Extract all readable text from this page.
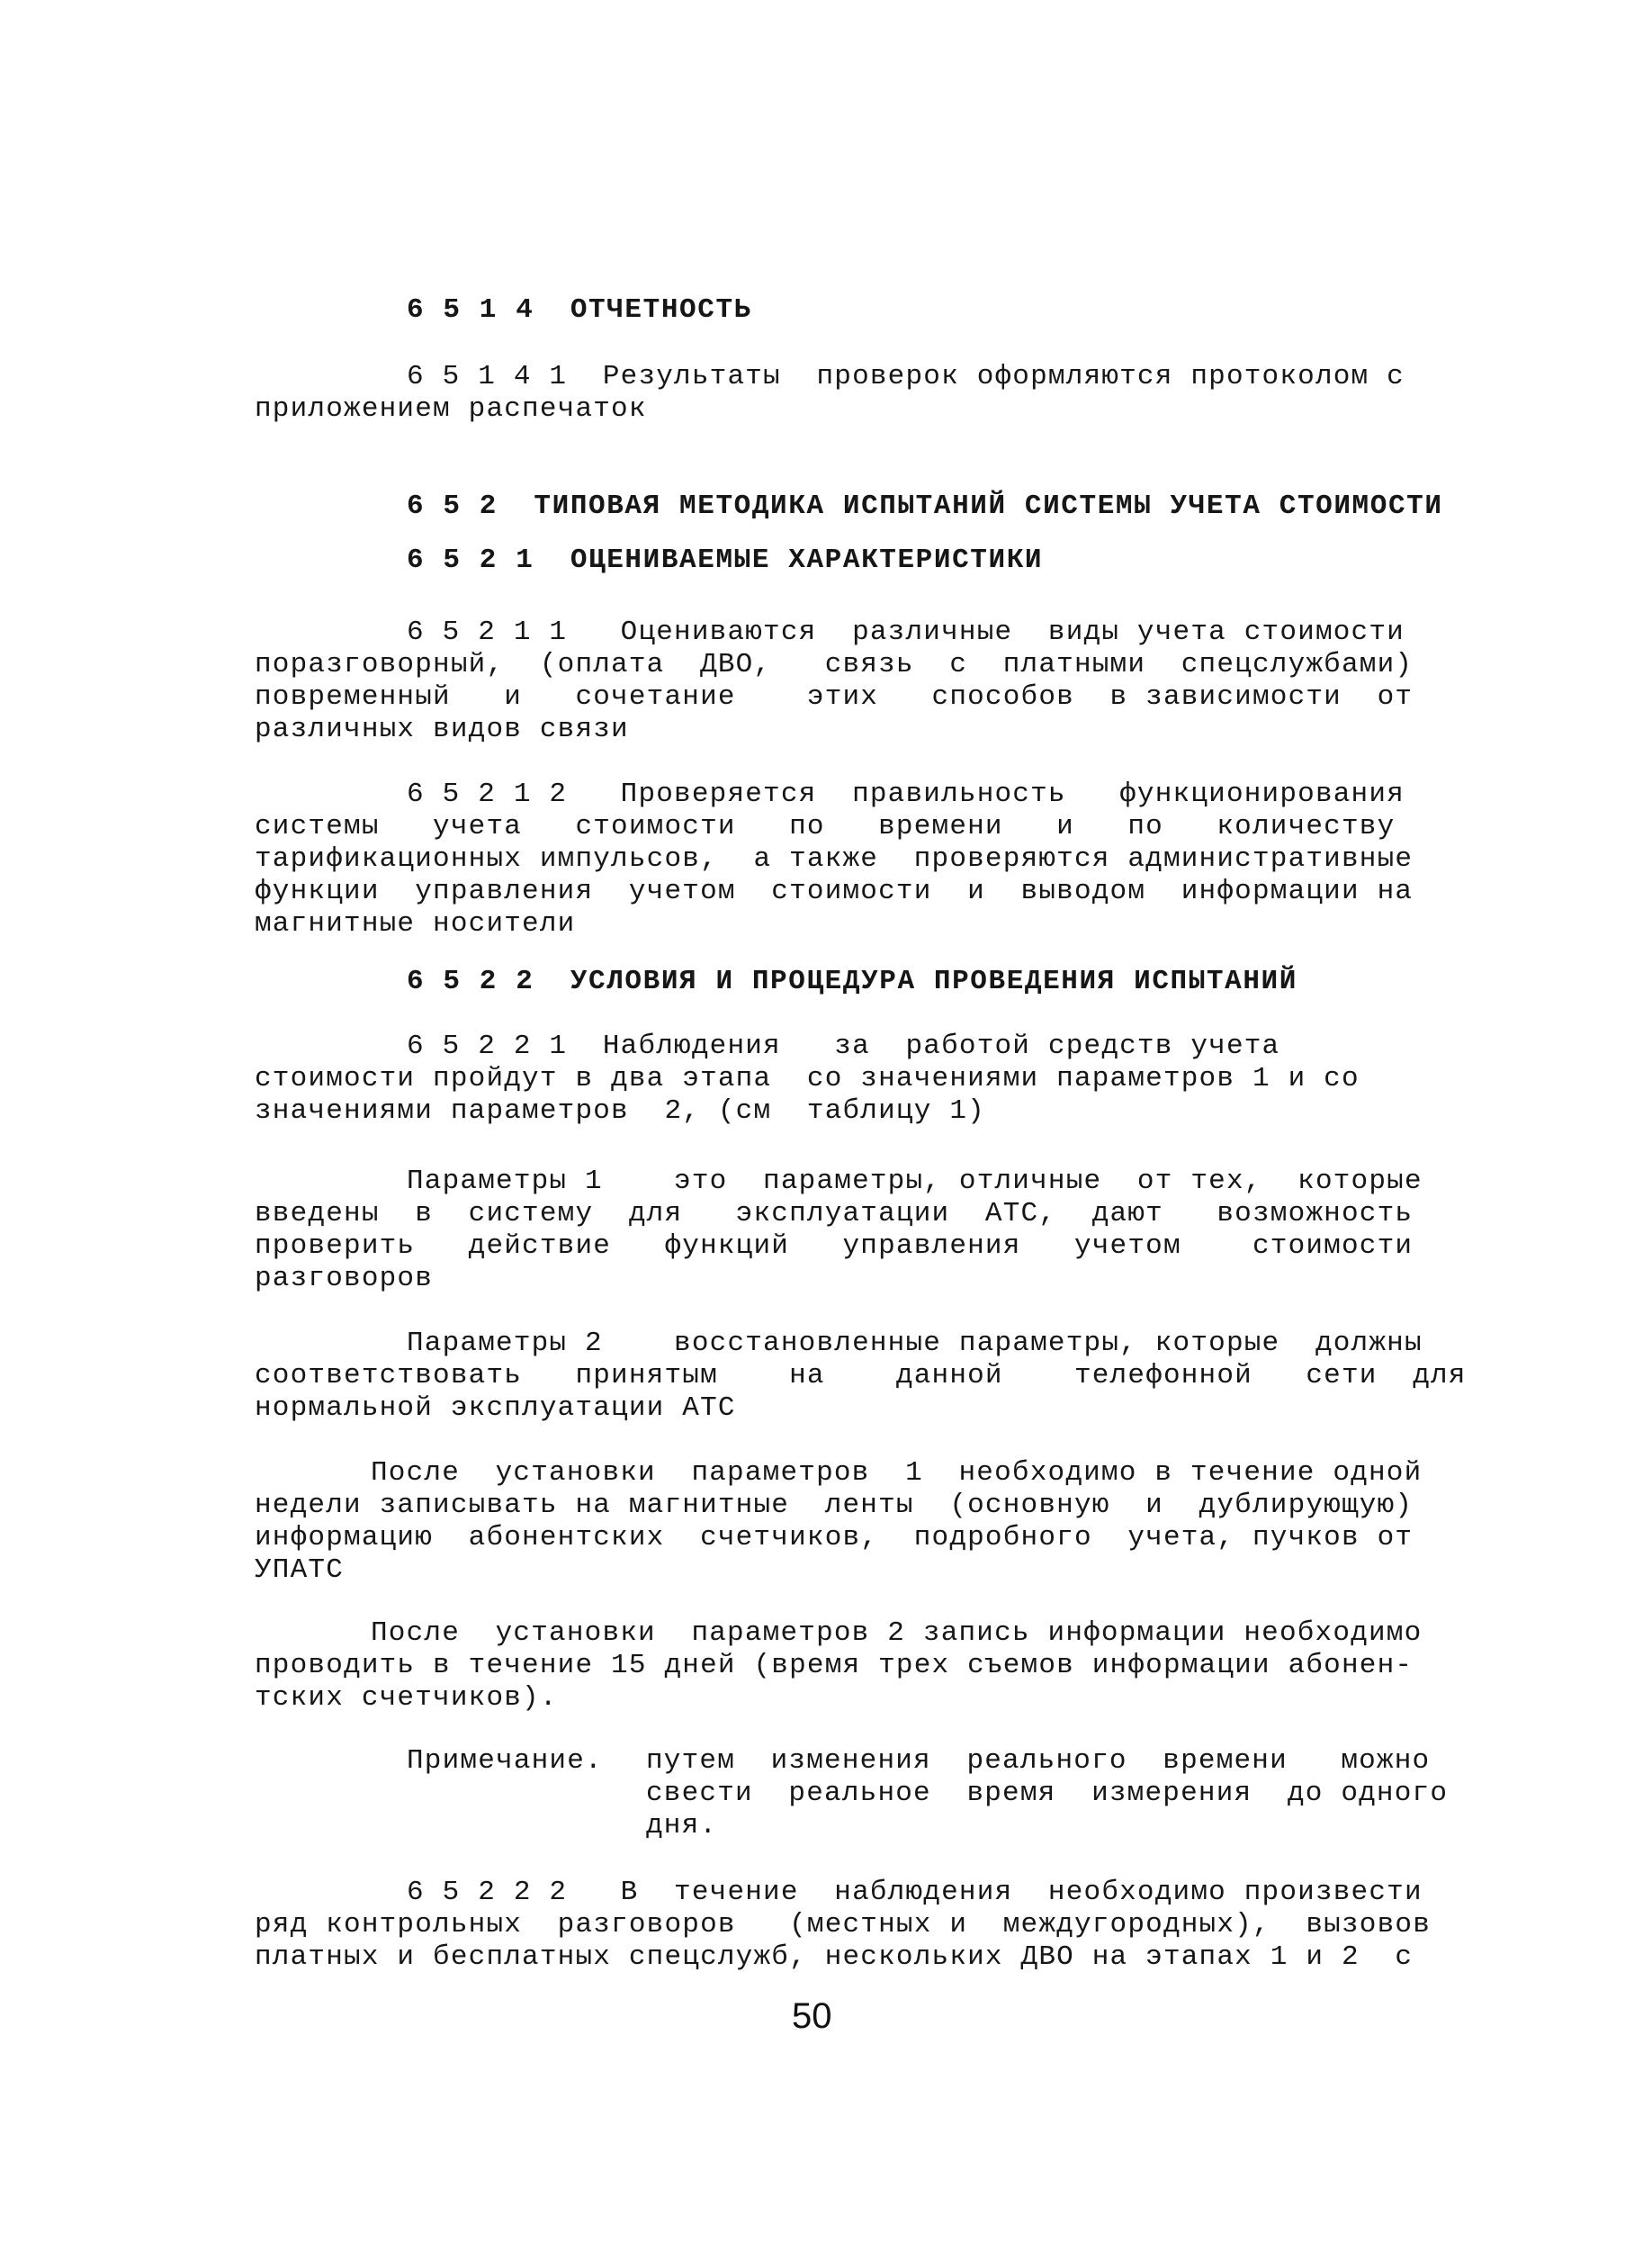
6 5 1 4  ОТЧЕТНОСТЬ
6 5 1 4 1  Результаты  проверок оформляются протоколом с
приложением распечаток
6 5 2  ТИПОВАЯ МЕТОДИКА ИСПЫТАНИЙ СИСТЕМЫ УЧЕТА СТОИМОСТИ
6 5 2 1  ОЦЕНИВАЕМЫЕ ХАРАКТЕРИСТИКИ
6 5 2 1 1   Оцениваются  различные  виды учета стоимости
поразговорный,  (оплата  ДВО,   связь  с  платными  спецслужбами)
повременный   и   сочетание    этих   способов  в зависимости  от
различных видов связи
6 5 2 1 2   Проверяется  правильность   функционирования
системы   учета   стоимости   по   времени   и   по   количеству
тарификационных импульсов,  а также  проверяются административные
функции  управления  учетом  стоимости  и  выводом  информации на
магнитные носители
6 5 2 2  УСЛОВИЯ И ПРОЦЕДУРА ПРОВЕДЕНИЯ ИСПЫТАНИЙ
6 5 2 2 1  Наблюдения   за  работой средств учета
стоимости пройдут в два этапа  со значениями параметров 1 и со
значениями параметров  2, (см  таблицу 1)
Параметры 1    это  параметры, отличные  от тех,  которые
введены  в  систему  для   эксплуатации  АТС,  дают   возможность
проверить   действие   функций   управления   учетом    стоимости
разговоров
Параметры 2    восстановленные параметры, которые  должны
соответствовать   принятым    на    данной    телефонной   сети  для
нормальной эксплуатации АТС
После  установки  параметров  1  необходимо в течение одной
недели записывать на магнитные  ленты  (основную  и  дублирующую)
информацию  абонентских  счетчиков,  подробного  учета, пучков от
УПАТС
После  установки  параметров 2 запись информации необходимо
проводить в течение 15 дней (время трех съемов информации абонен-
тских счетчиков).
Примечание. путем  изменения  реального  времени   можно
свести  реальное  время  измерения  до одного
дня.
6 5 2 2 2   В  течение  наблюдения  необходимо произвести
ряд контрольных  разговоров   (местных и  междугородных),  вызовов
платных и бесплатных спецслужб, нескольких ДВО на этапах 1 и 2  с
50
